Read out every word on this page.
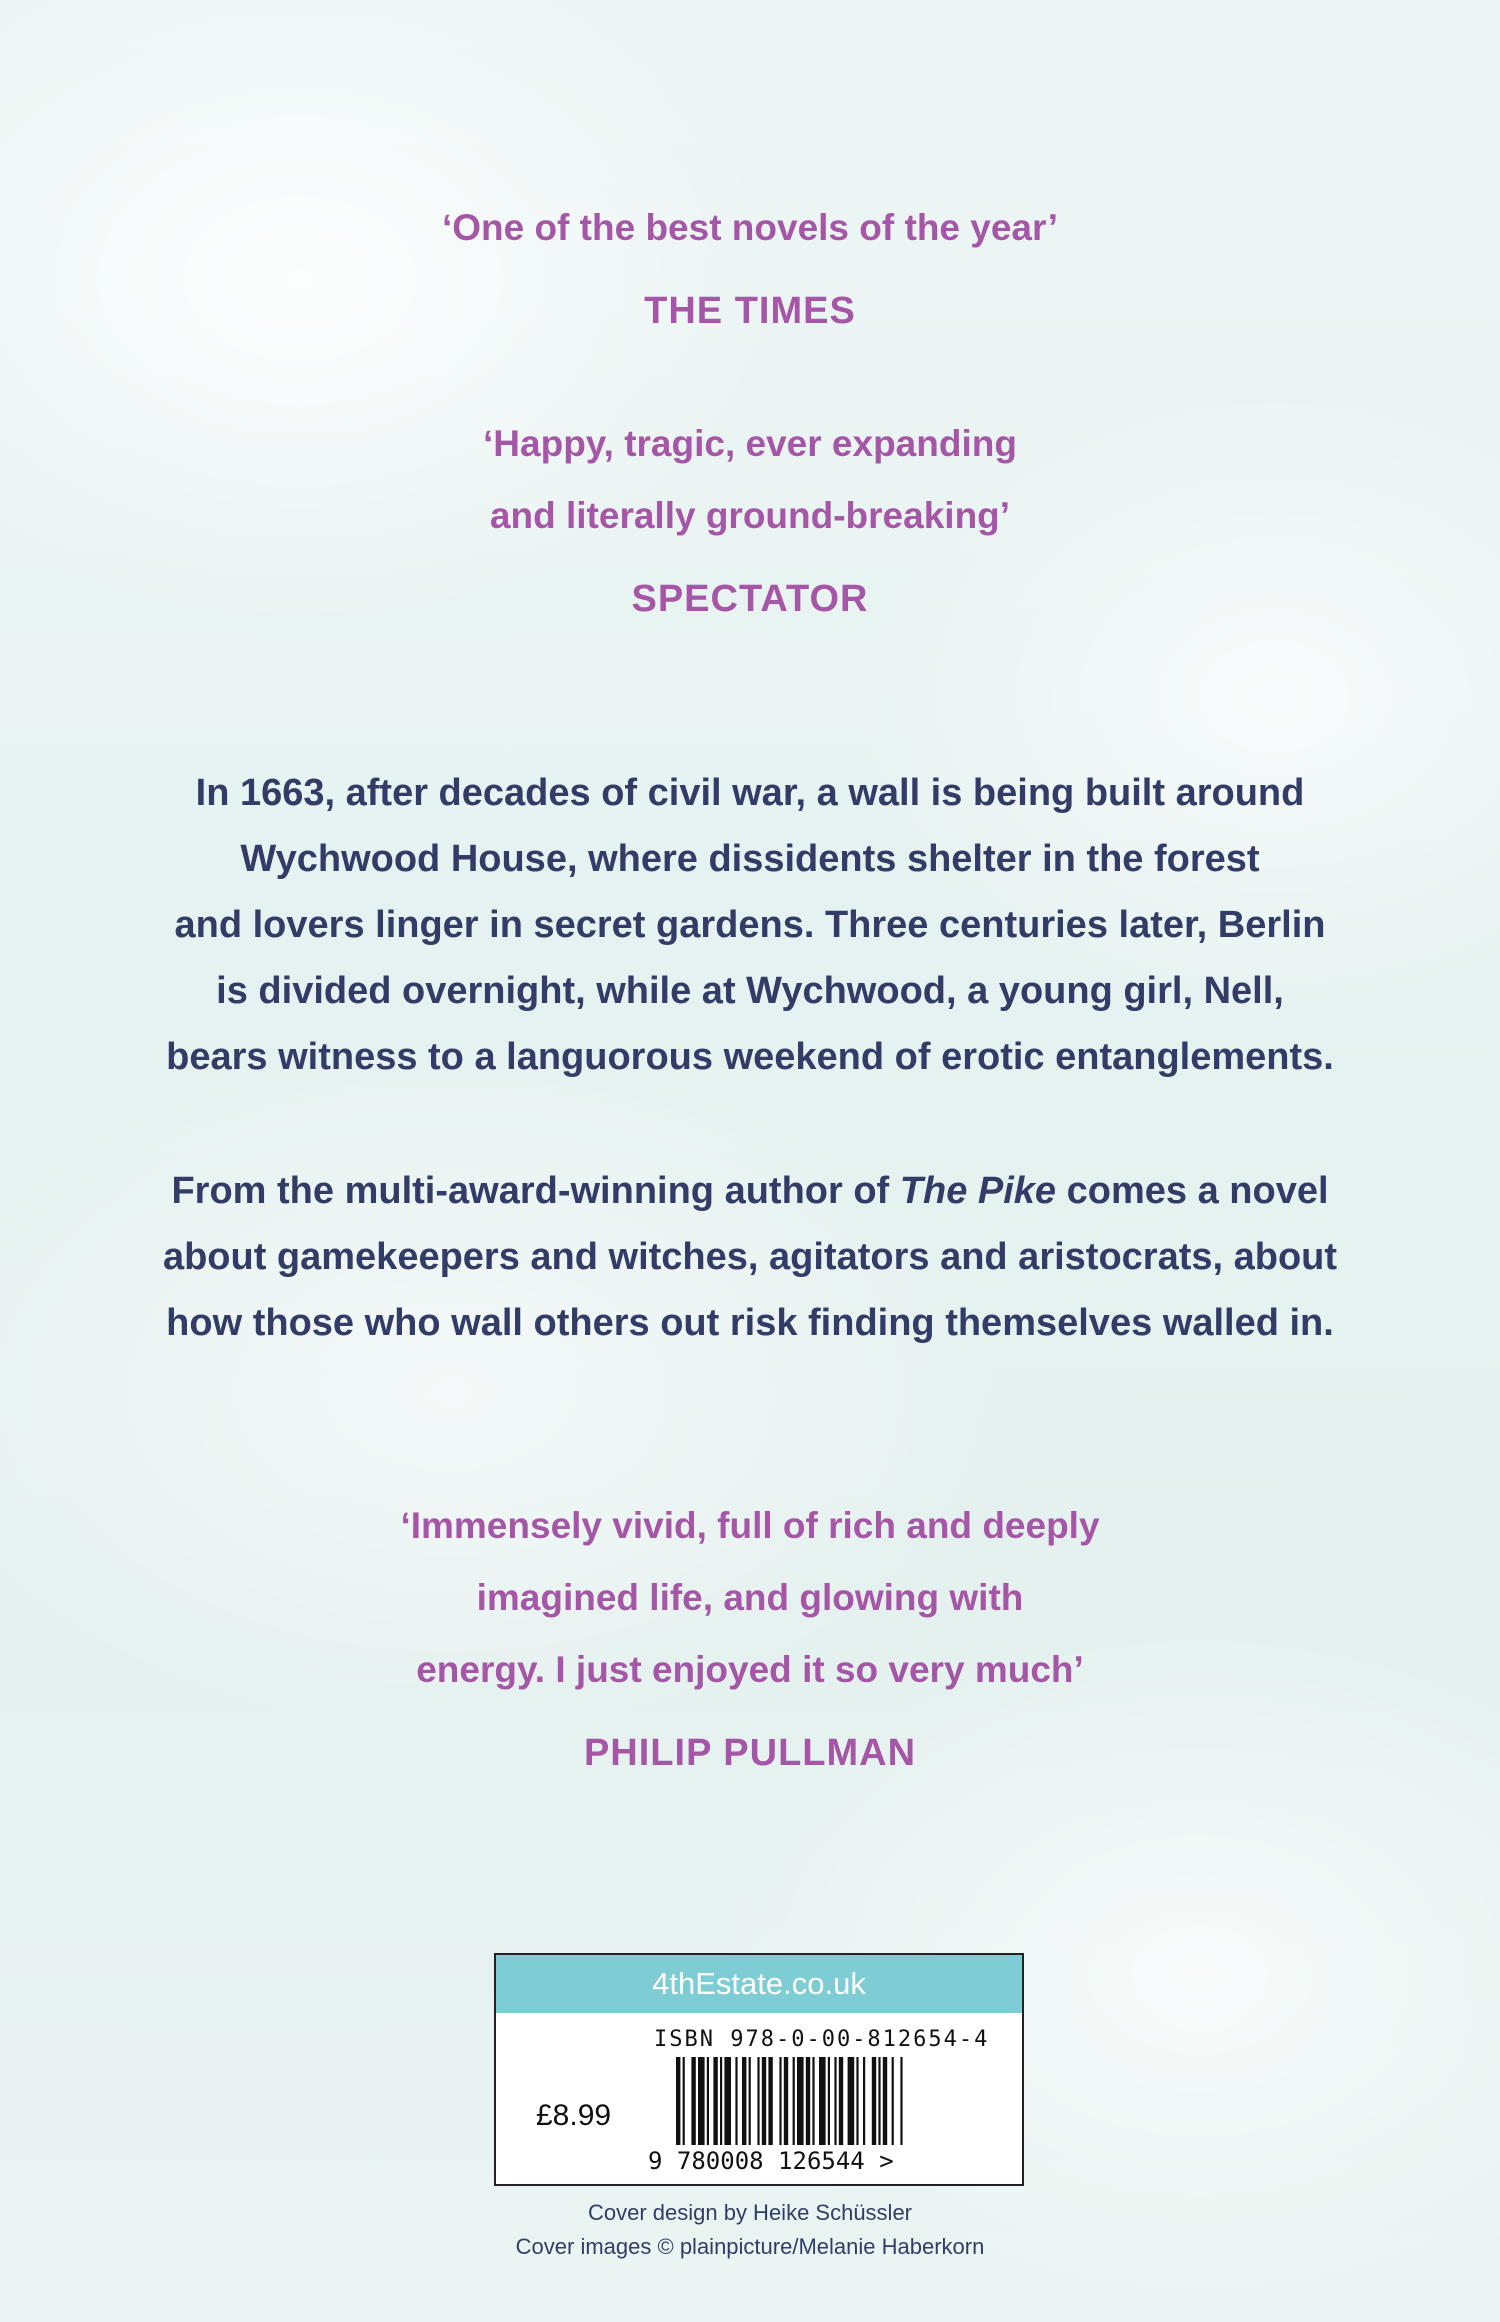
‘One of the best novels of the year’
THE TIMES
‘Happy, tragic, ever expanding
and literally ground-breaking’
SPECTATOR
In 1663, after decades of civil war, a wall is being built around
Wychwood House, where dissidents shelter in the forest
and lovers linger in secret gardens. Three centuries later, Berlin
is divided overnight, while at Wychwood, a young girl, Nell,
bears witness to a languorous weekend of erotic entanglements.
From the multi-award-winning author of The Pike comes a novel
about gamekeepers and witches, agitators and aristocrats, about
how those who wall others out risk finding themselves walled in.
‘Immensely vivid, full of rich and deeply
imagined life, and glowing with
energy. I just enjoyed it so very much’
PHILIP PULLMAN
4thEstate.co.uk
ISBN 978-0-00-812654-4
£8.99
9 780008 126544 >
Cover design by Heike Schüssler
Cover images © plainpicture/Melanie Haberkorn
